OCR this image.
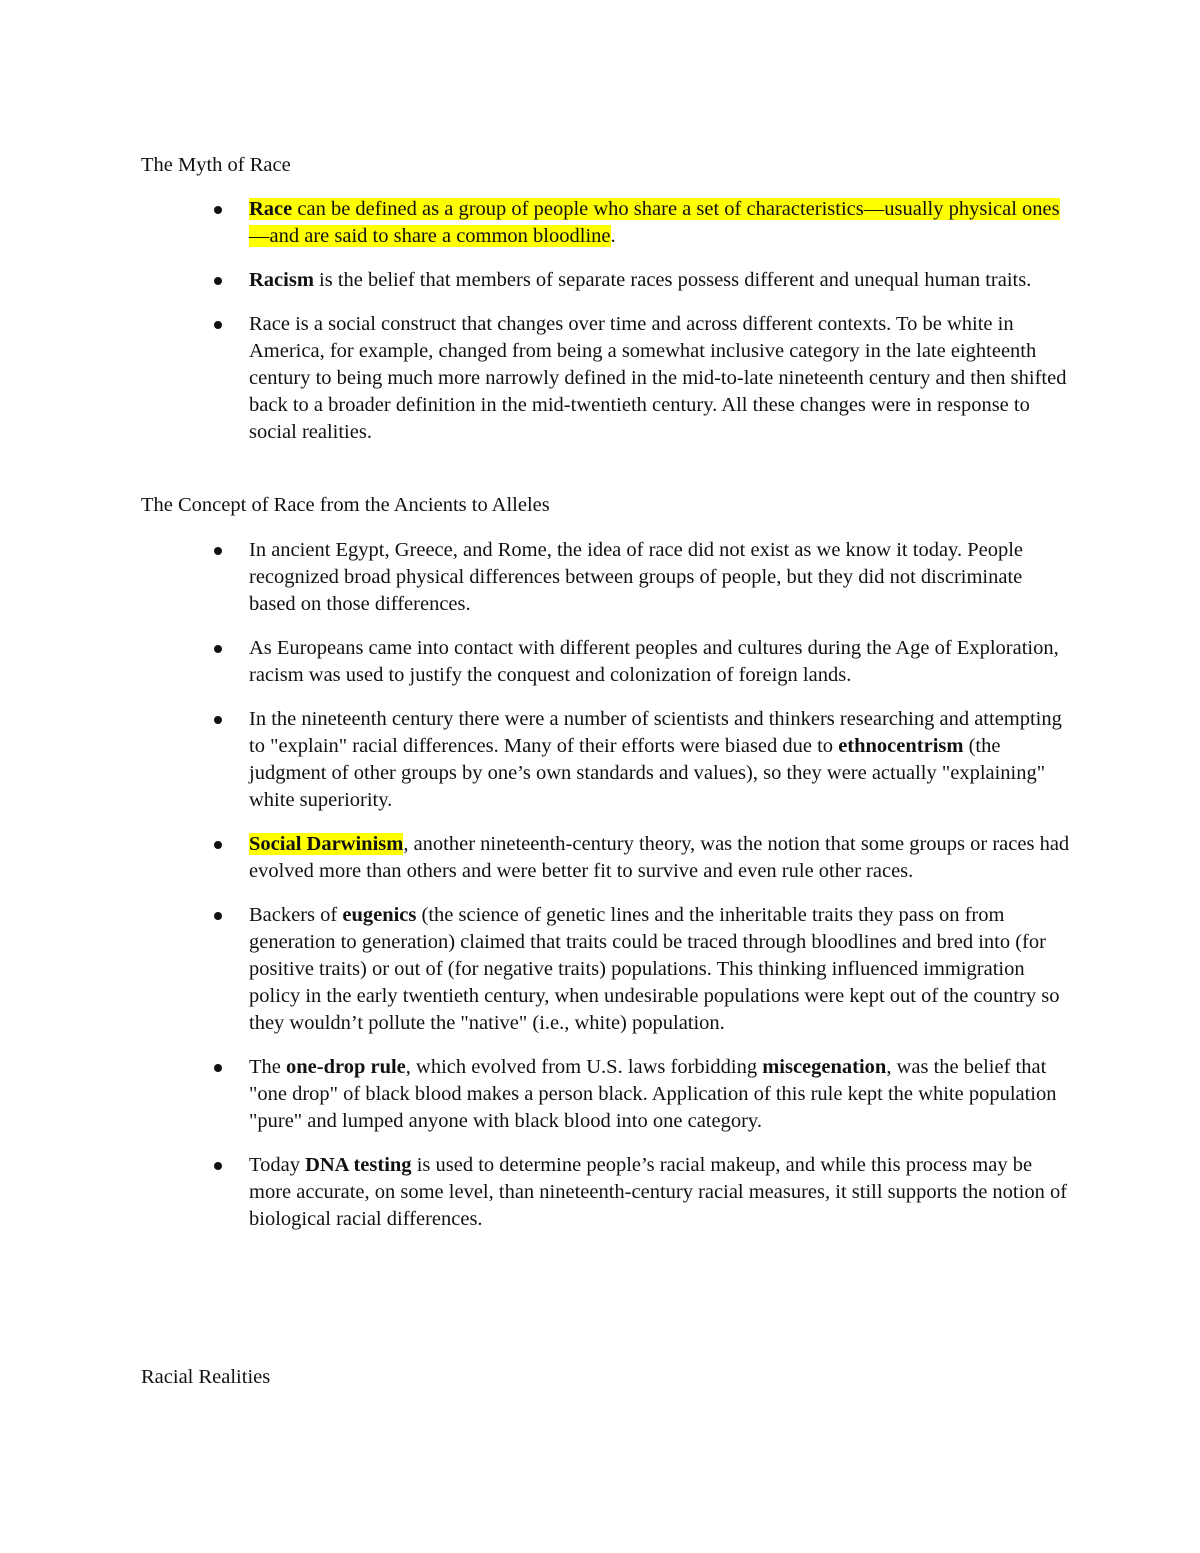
The Myth of Race

Race can be defined as a group of people who share a set of characteristics—usually physical ones—and are said to share a common bloodline.
Racism is the belief that members of separate races possess different and unequal human traits.
Race is a social construct that changes over time and across different contexts. To be white in America, for example, changed from being a somewhat inclusive category in the late eighteenth century to being much more narrowly defined in the mid-to-late nineteenth century and then shifted back to a broader definition in the mid-twentieth century. All these changes were in response to social realities.

The Concept of Race from the Ancients to Alleles

In ancient Egypt, Greece, and Rome, the idea of race did not exist as we know it today. People recognized broad physical differences between groups of people, but they did not discriminate based on those differences.
As Europeans came into contact with different peoples and cultures during the Age of Exploration, racism was used to justify the conquest and colonization of foreign lands.
In the nineteenth century there were a number of scientists and thinkers researching and attempting to "explain" racial differences. Many of their efforts were biased due to ethnocentrism (the judgment of other groups by one’s own standards and values), so they were actually "explaining" white superiority.
Social Darwinism, another nineteenth-century theory, was the notion that some groups or races had evolved more than others and were better fit to survive and even rule other races.
Backers of eugenics (the science of genetic lines and the inheritable traits they pass on from generation to generation) claimed that traits could be traced through bloodlines and bred into (for positive traits) or out of (for negative traits) populations. This thinking influenced immigration policy in the early twentieth century, when undesirable populations were kept out of the country so they wouldn’t pollute the "native" (i.e., white) population.
The one-drop rule, which evolved from U.S. laws forbidding miscegenation, was the belief that "one drop" of black blood makes a person black. Application of this rule kept the white population "pure" and lumped anyone with black blood into one category.
Today DNA testing is used to determine people’s racial makeup, and while this process may be more accurate, on some level, than nineteenth-century racial measures, it still supports the notion of biological racial differences.

Racial Realities
